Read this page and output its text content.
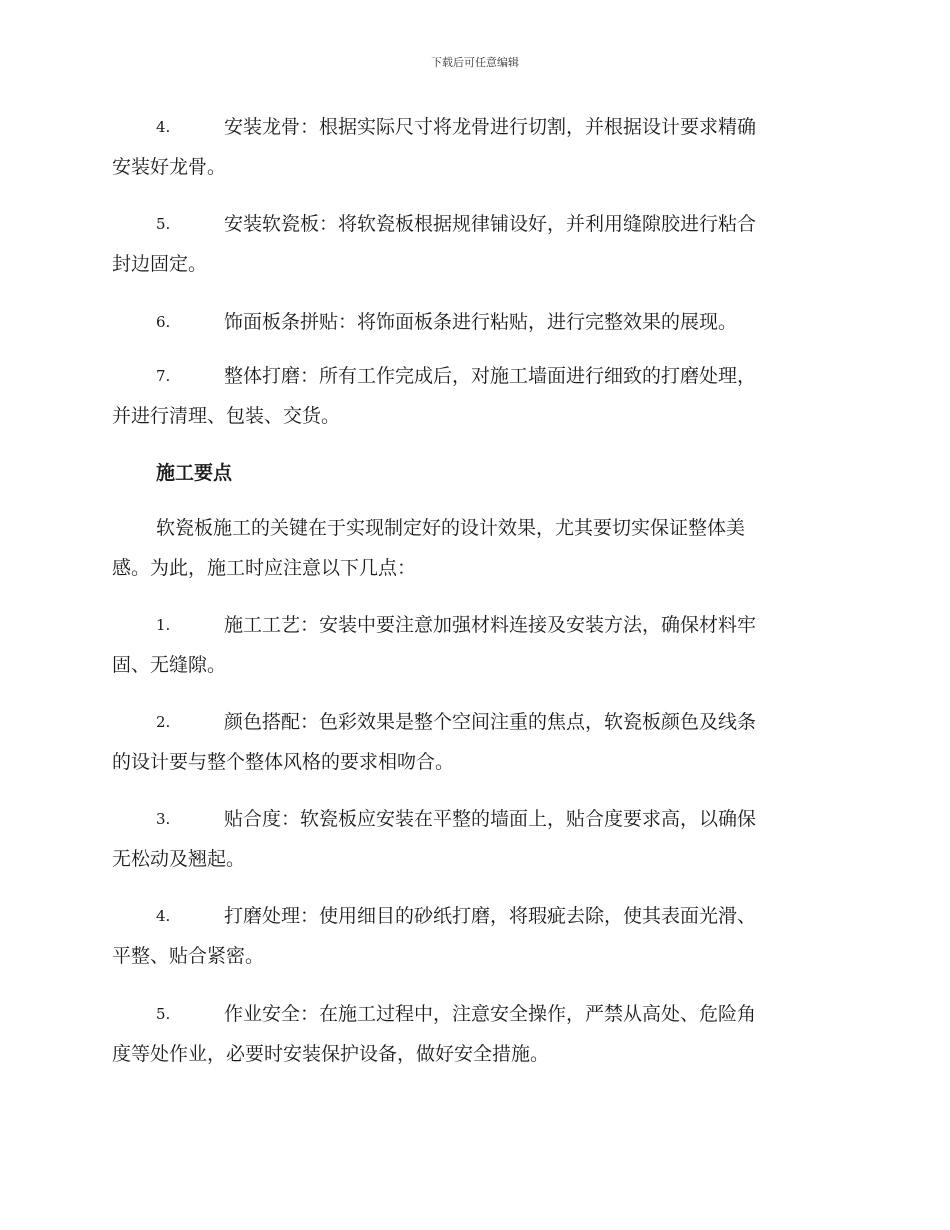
下载后可任意编辑
4.	安装龙骨：根据实际尺寸将龙骨进行切割，并根据设计要求精确
安装好龙骨。
5.	安装软瓷板：将软瓷板根据规律铺设好，并利用缝隙胶进行粘合
封边固定。
6.	饰面板条拼贴：将饰面板条进行粘贴，进行完整效果的展现。
7.	整体打磨：所有工作完成后，对施工墙面进行细致的打磨处理，
并进行清理、包装、交货。
施工要点
软瓷板施工的关键在于实现制定好的设计效果，尤其要切实保证整体美
感。为此，施工时应注意以下几点：
1.	施工工艺：安装中要注意加强材料连接及安装方法，确保材料牢
固、无缝隙。
2.	颜色搭配：色彩效果是整个空间注重的焦点，软瓷板颜色及线条
的设计要与整个整体风格的要求相吻合。
3.	贴合度：软瓷板应安装在平整的墙面上，贴合度要求高，以确保
无松动及翘起。
4.	打磨处理：使用细目的砂纸打磨，将瑕疵去除，使其表面光滑、
平整、贴合紧密。
5.	作业安全：在施工过程中，注意安全操作，严禁从高处、危险角
度等处作业，必要时安装保护设备，做好安全措施。
